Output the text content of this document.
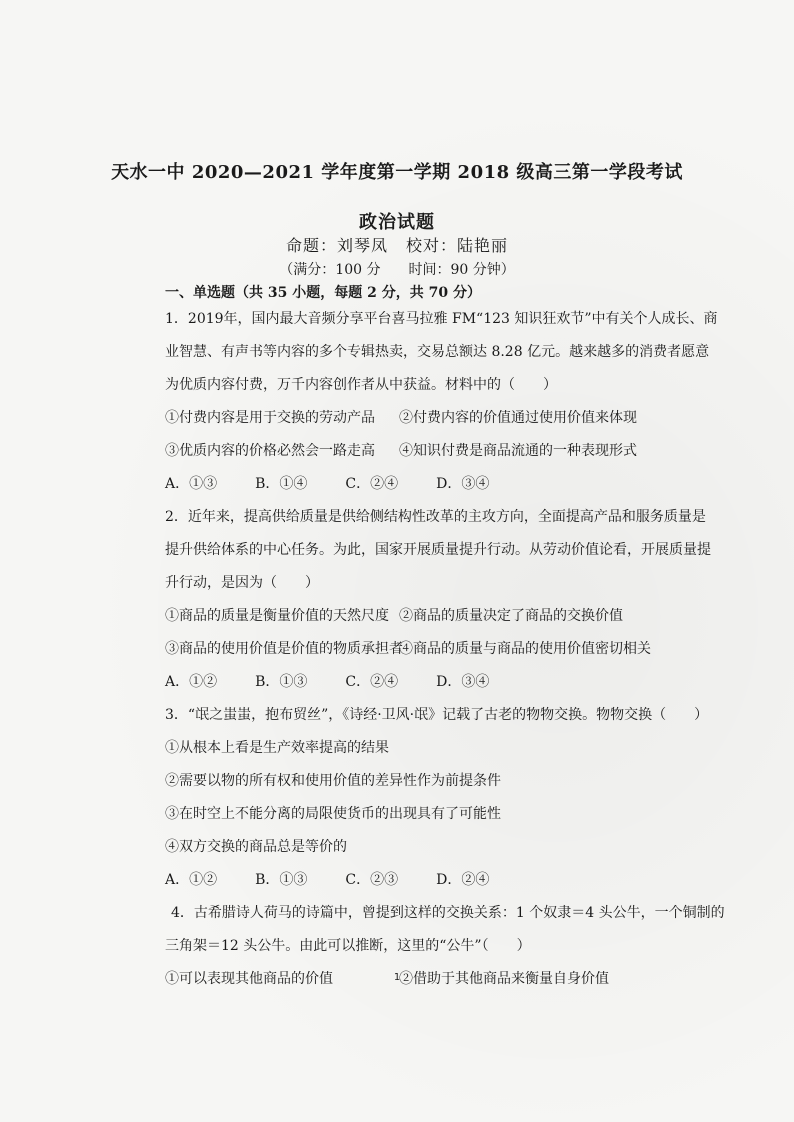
天水一中 2020—2021 学年度第一学期 2018 级高三第一学段考试
政治试题
命题：刘琴凤 校对：陆艳丽
（满分：100 分 时间：90 分钟）
一、单选题（共 35 小题，每题 2 分，共 70 分）
1．2019年，国内最大音频分享平台喜马拉雅 FM“123 知识狂欢节”中有关个人成长、商
业智慧、有声书等内容的多个专辑热卖，交易总额达 8.28 亿元。越来越多的消费者愿意
为优质内容付费，万千内容创作者从中获益。材料中的（　　）
①付费内容是用于交换的劳动产品 ②付费内容的价值通过使用价值来体现
③优质内容的价格必然会一路走高 ④知识付费是商品流通的一种表现形式
A．①③	B．①④	C．②④	D．③④
2．近年来，提高供给质量是供给侧结构性改革的主攻方向，全面提高产品和服务质量是
提升供给体系的中心任务。为此，国家开展质量提升行动。从劳动价值论看，开展质量提
升行动，是因为（　　）
①商品的质量是衡量价值的天然尺度 ②商品的质量决定了商品的交换价值
③商品的使用价值是价值的物质承担者④商品的质量与商品的使用价值密切相关
A．①②	B．①③	C．②④	D．③④
3．“氓之蚩蚩，抱布贸丝”，《诗经·卫风·氓》记载了古老的物物交换。物物交换（　　）
①从根本上看是生产效率提高的结果
②需要以物的所有权和使用价值的差异性作为前提条件
③在时空上不能分离的局限使货币的出现具有了可能性
④双方交换的商品总是等价的
A．①②	B．①③	C．②③	D．②④
4．古希腊诗人荷马的诗篇中，曾提到这样的交换关系：1 个奴隶＝4 头公牛，一个铜制的
三角架＝12 头公牛。由此可以推断，这里的“公牛”（　　）
①可以表现其他商品的价值	②借助于其他商品来衡量自身价值
1
